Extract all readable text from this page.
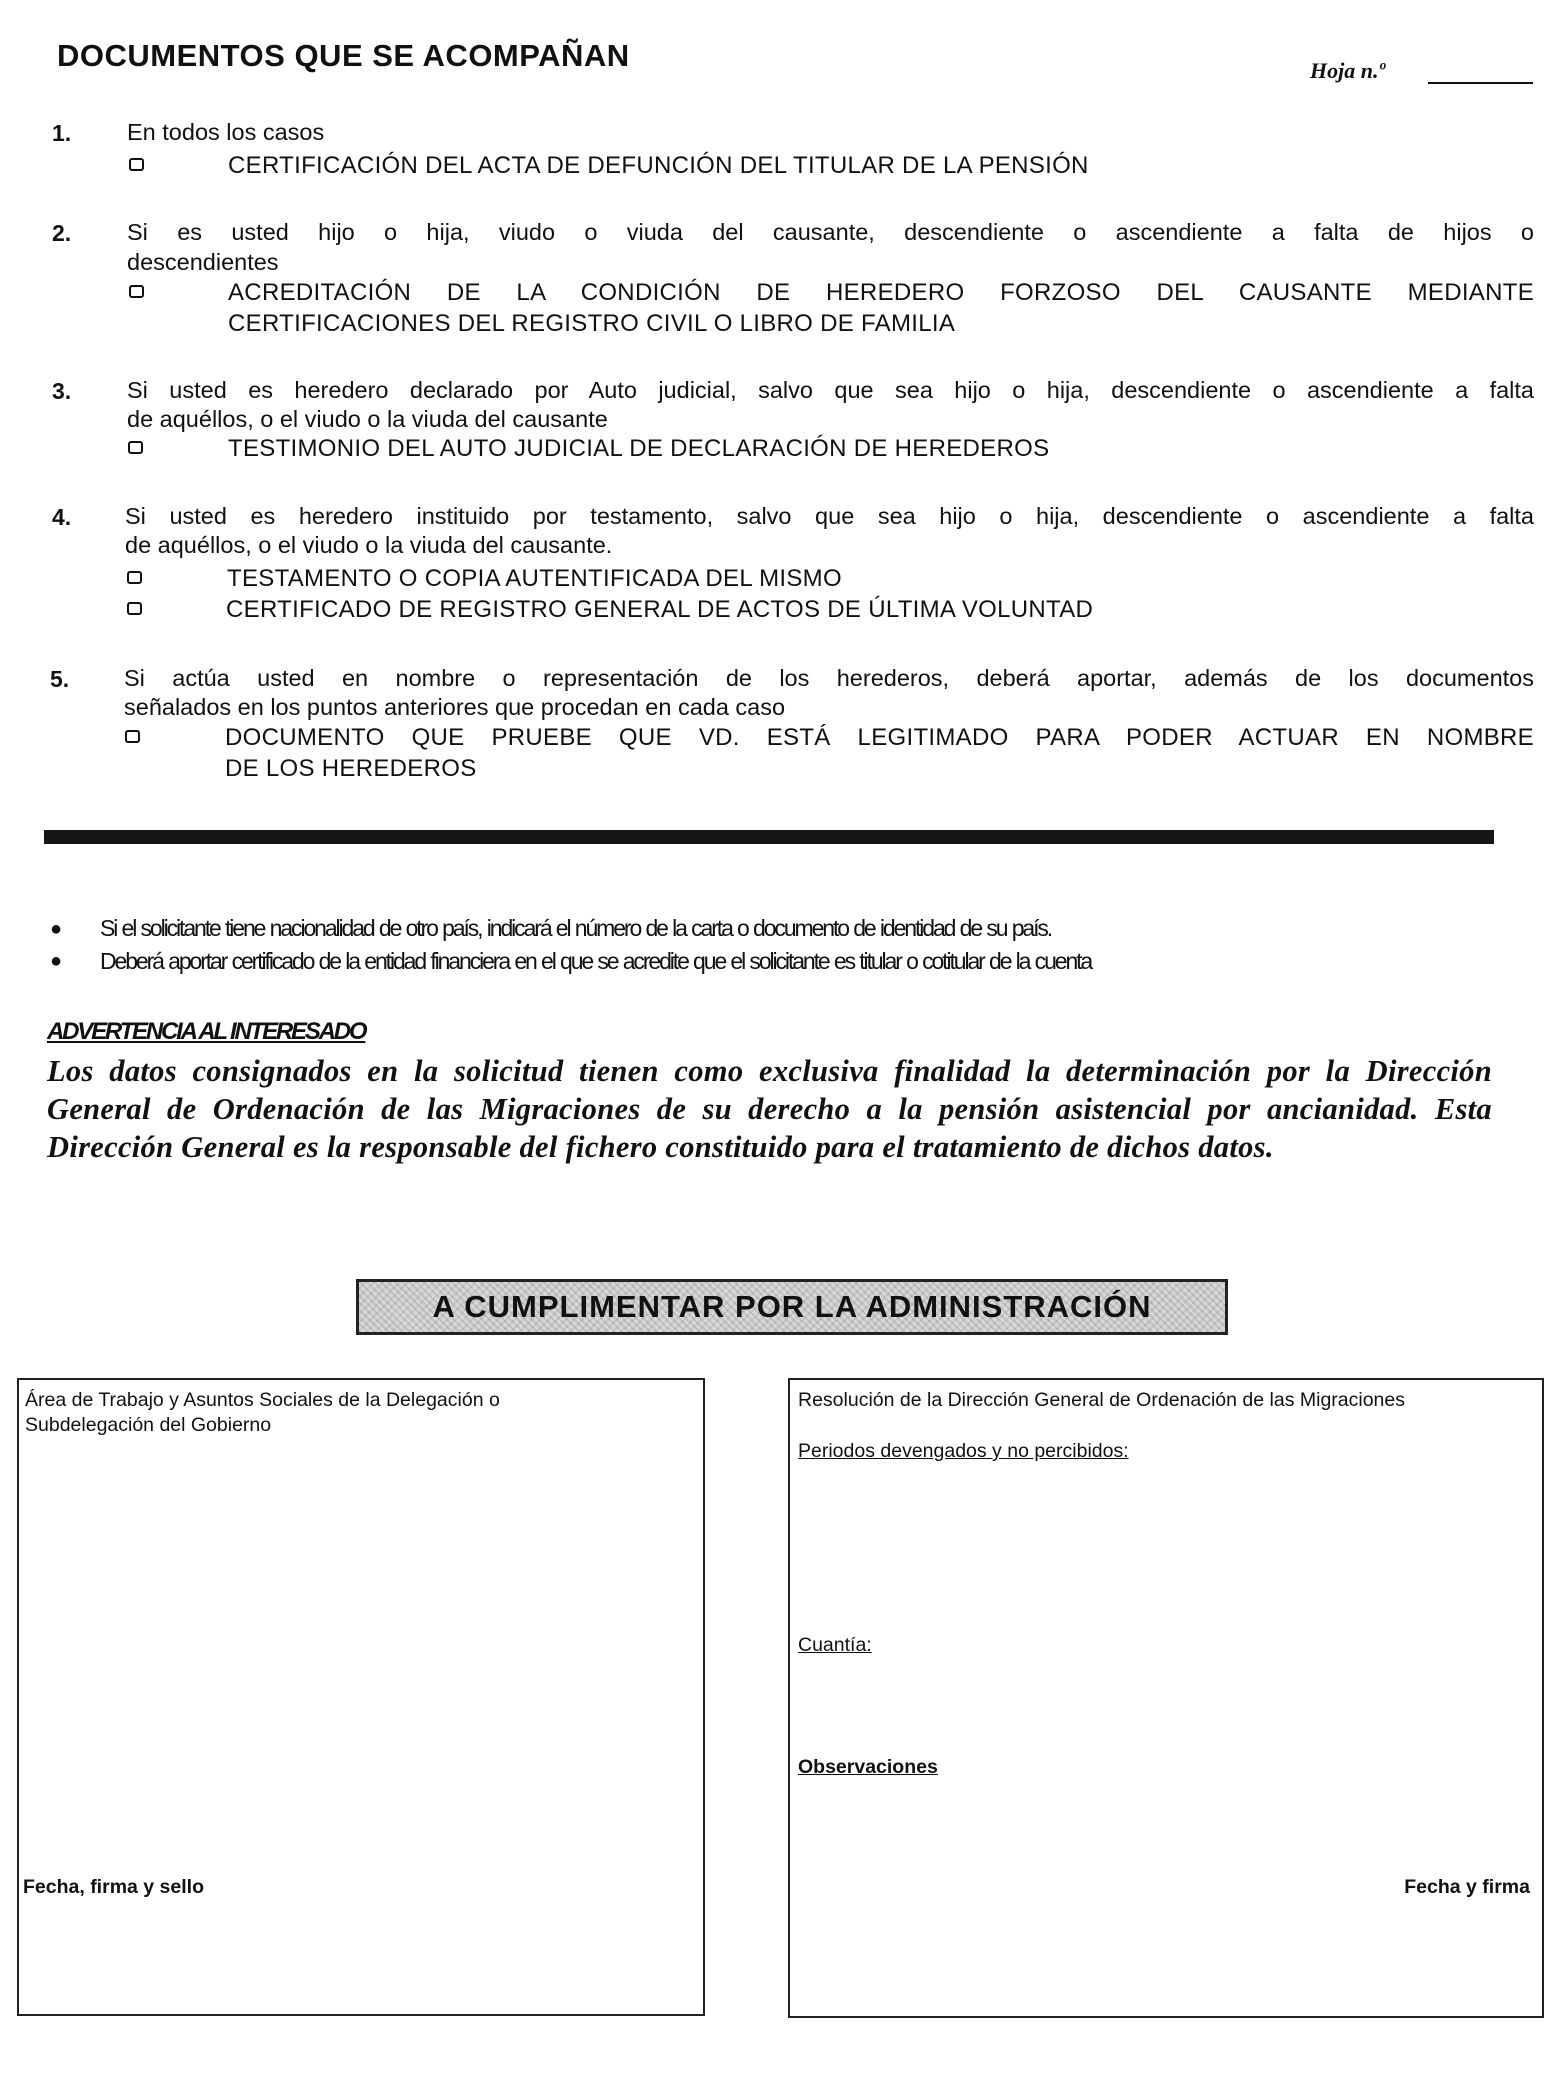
DOCUMENTOS QUE SE ACOMPAÑAN	Hoja n.º
1. En todos los casos
CERTIFICACIÓN DEL ACTA DE DEFUNCIÓN DEL TITULAR DE LA PENSIÓN
2. Si es usted hijo o hija, viudo o viuda del causante, descendiente o ascendiente a falta de hijos o
descendientes
ACREDITACIÓN DE LA CONDICIÓN DE HEREDERO FORZOSO DEL CAUSANTE MEDIANTE
CERTIFICACIONES DEL REGISTRO CIVIL O LIBRO DE FAMILIA
3. Si usted es heredero declarado por Auto judicial, salvo que sea hijo o hija, descendiente o ascendiente a falta
de aquéllos, o el viudo o la viuda del causante
TESTIMONIO DEL AUTO JUDICIAL DE DECLARACIÓN DE HEREDEROS
4. Si usted es heredero instituido por testamento, salvo que sea hijo o hija, descendiente o ascendiente a falta
de aquéllos, o el viudo o la viuda del causante.
TESTAMENTO O COPIA AUTENTIFICADA DEL MISMO
CERTIFICADO DE REGISTRO GENERAL DE ACTOS DE ÚLTIMA VOLUNTAD
5. Si actúa usted en nombre o representación de los herederos, deberá aportar, además de los documentos
señalados en los puntos anteriores que procedan en cada caso
DOCUMENTO QUE PRUEBE QUE VD. ESTÁ LEGITIMADO PARA PODER ACTUAR EN NOMBRE
DE LOS HEREDEROS
● Si el solicitante tiene nacionalidad de otro país, indicará el número de la carta o documento de identidad de su país.
● Deberá aportar certificado de la entidad financiera en el que se acredite que el solicitante es titular o cotitular de la cuenta
ADVERTENCIA AL INTERESADO
Los datos consignados en la solicitud tienen como exclusiva finalidad la determinación por la Dirección General de Ordenación de las Migraciones de su derecho a la pensión asistencial por ancianidad. Esta Dirección General es la responsable del fichero constituido para el tratamiento de dichos datos.
A CUMPLIMENTAR POR LA ADMINISTRACIÓN
Área de Trabajo y Asuntos Sociales de la Delegación o
Subdelegación del Gobierno
Fecha, firma y sello
Resolución de la Dirección General de Ordenación de las Migraciones
Periodos devengados y no percibidos:
Cuantía:
Observaciones
Fecha y firma
